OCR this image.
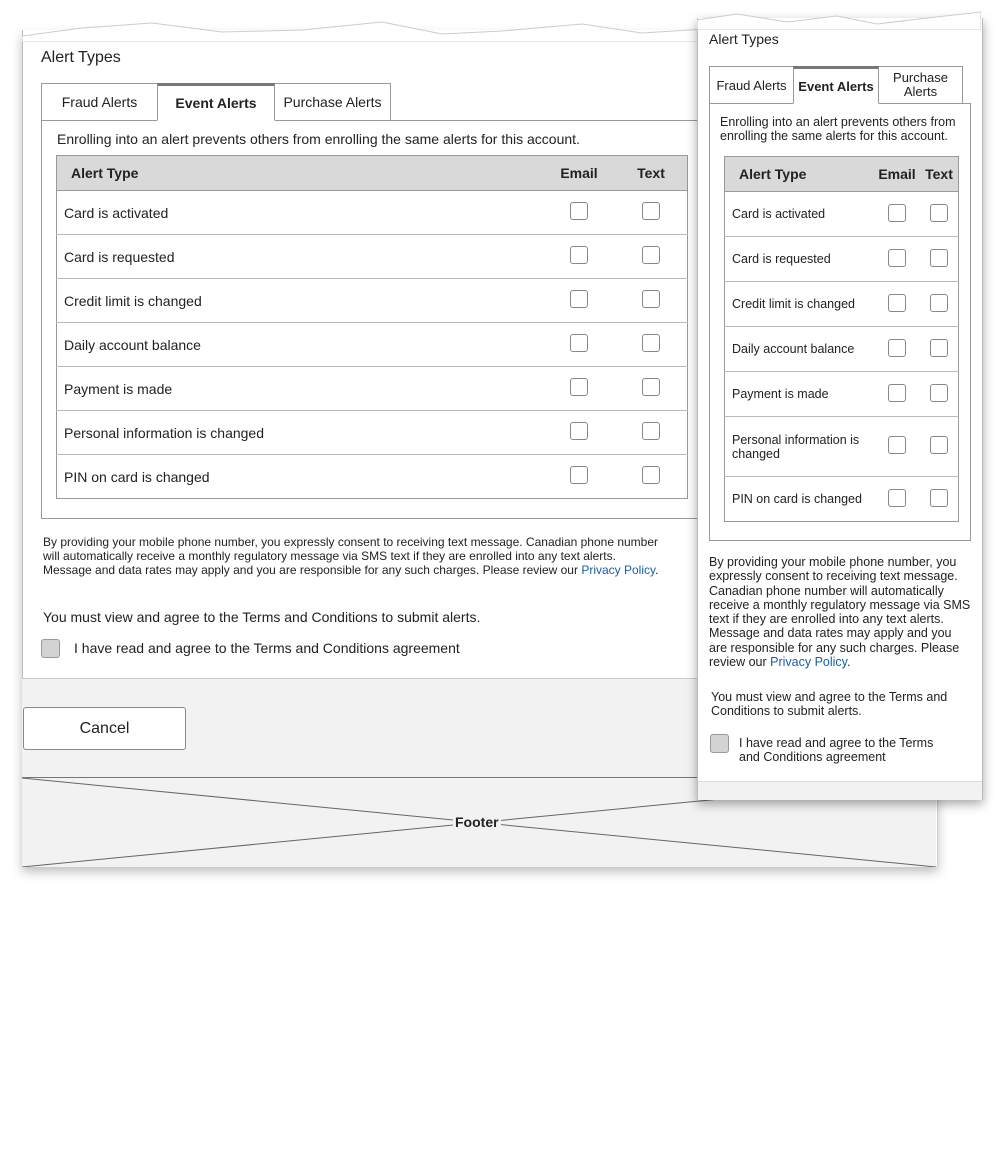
Alert Types
Fraud Alerts	Event Alerts	Purchase Alerts
Enrolling into an alert prevents others from enrolling the same alerts for this account.
Alert Type	Email	Text
Card is activated		
Card is requested		
Credit limit is changed		
Daily account balance		
Payment is made		
Personal information is changed		
PIN on card is changed		
By providing your mobile phone number, you expressly consent to receiving text message. Canadian phone number will automatically receive a monthly regulatory message via SMS text if they are enrolled into any text alerts. Message and data rates may apply and you are responsible for any such charges. Please review our Privacy Policy.
You must view and agree to the Terms and Conditions to submit alerts.
I have read and agree to the Terms and Conditions agreement
Cancel
Footer
Alert Types
Fraud Alerts Event Alerts
Purchase Alerts
Enrolling into an alert prevents others from enrolling the same alerts for this account.
Alert Type	Email	Text
Card is activated		
Card is requested		
Credit limit is changed		
Daily account balance		
Payment is made		
Personal information is changed		
PIN on card is changed		
By providing your mobile phone number, you expressly consent to receiving text message. Canadian phone number will automatically receive a monthly regulatory message via SMS text if they are enrolled into any text alerts. Message and data rates may apply and you are responsible for any such charges. Please review our Privacy Policy.
You must view and agree to the Terms and Conditions to submit alerts.
I have read and agree to the Terms and Conditions agreement
